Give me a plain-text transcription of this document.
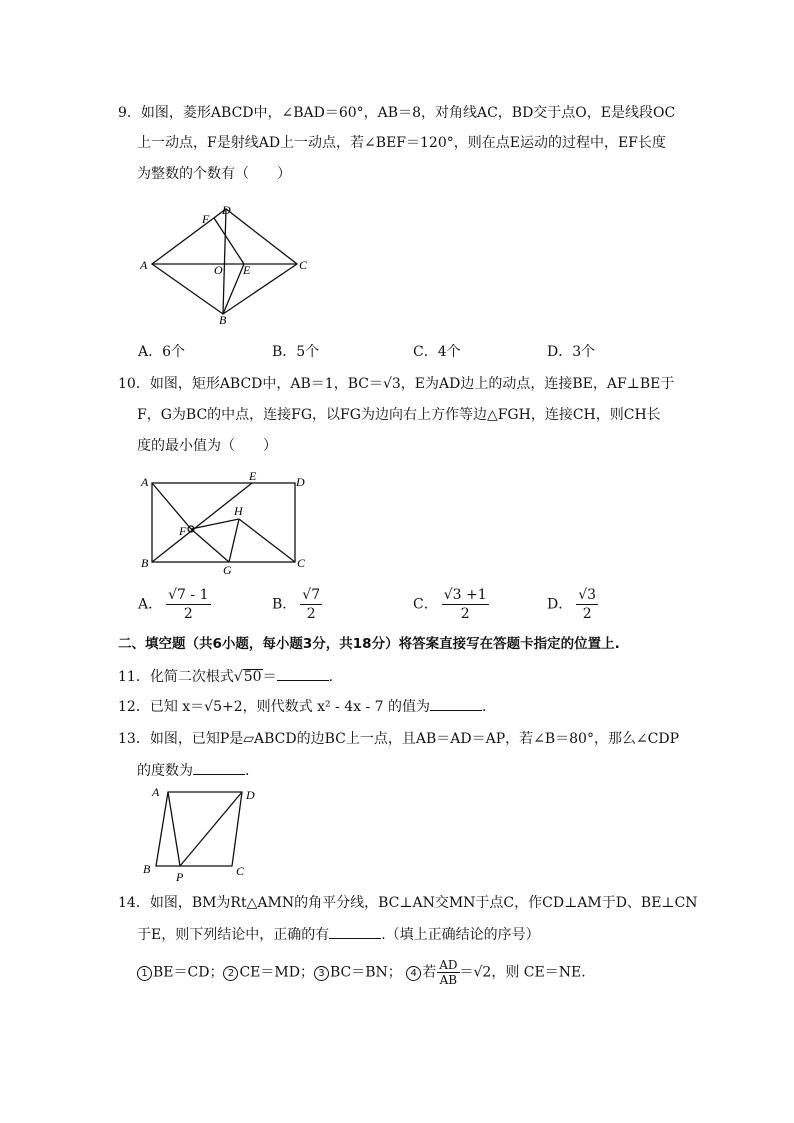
9．如图，菱形ABCD中，∠BAD＝60°，AB＝8，对角线AC，BD交于点O，E是线段OC
上一动点，F是射线AD上一动点，若∠BEF＝120°，则在点E运动的过程中，EF长度
为整数的个数有（　　）
D
F
A	O E	C
B
A．6个	B．5个	C．4个	D．3个
10．如图，矩形ABCD中，AB＝1，BC＝√3，E为AD边上的动点，连接BE，AF⊥BE于
F，G为BC的中点，连接FG，以FG为边向右上方作等边△FGH，连接CH，则CH长
度的最小值为（　　）
A	E	D
H
F
B	G	C
A． $\frac{√7 - 1}{2}$	B． $\frac{√7}{2}$	C． $\frac{√3 +1}{2}$	D． $\frac{√3}{2}$
二、填空题（共6小题，每小题3分，共18分）将答案直接写在答题卡指定的位置上.
11．化简二次根式√50＝	.
12．已知 x＝√5+2，则代数式 x² - 4x - 7 的值为	.
13．如图，已知P是▱ABCD的边BC上一点，且AB＝AD＝AP，若∠B＝80°，那么∠CDP
的度数为	.
A	D
B	C
P
14．如图，BM为Rt△AMN的角平分线，BC⊥AN交MN于点C，作CD⊥AM于D、BE⊥CN
于E，则下列结论中，正确的有	.（填上正确结论的序号）
1 BE＝CD； 2 CE＝MD； 3 BC＝BN； 4 若 $\frac{AD}{AB} =√2$，则 CE＝NE.
